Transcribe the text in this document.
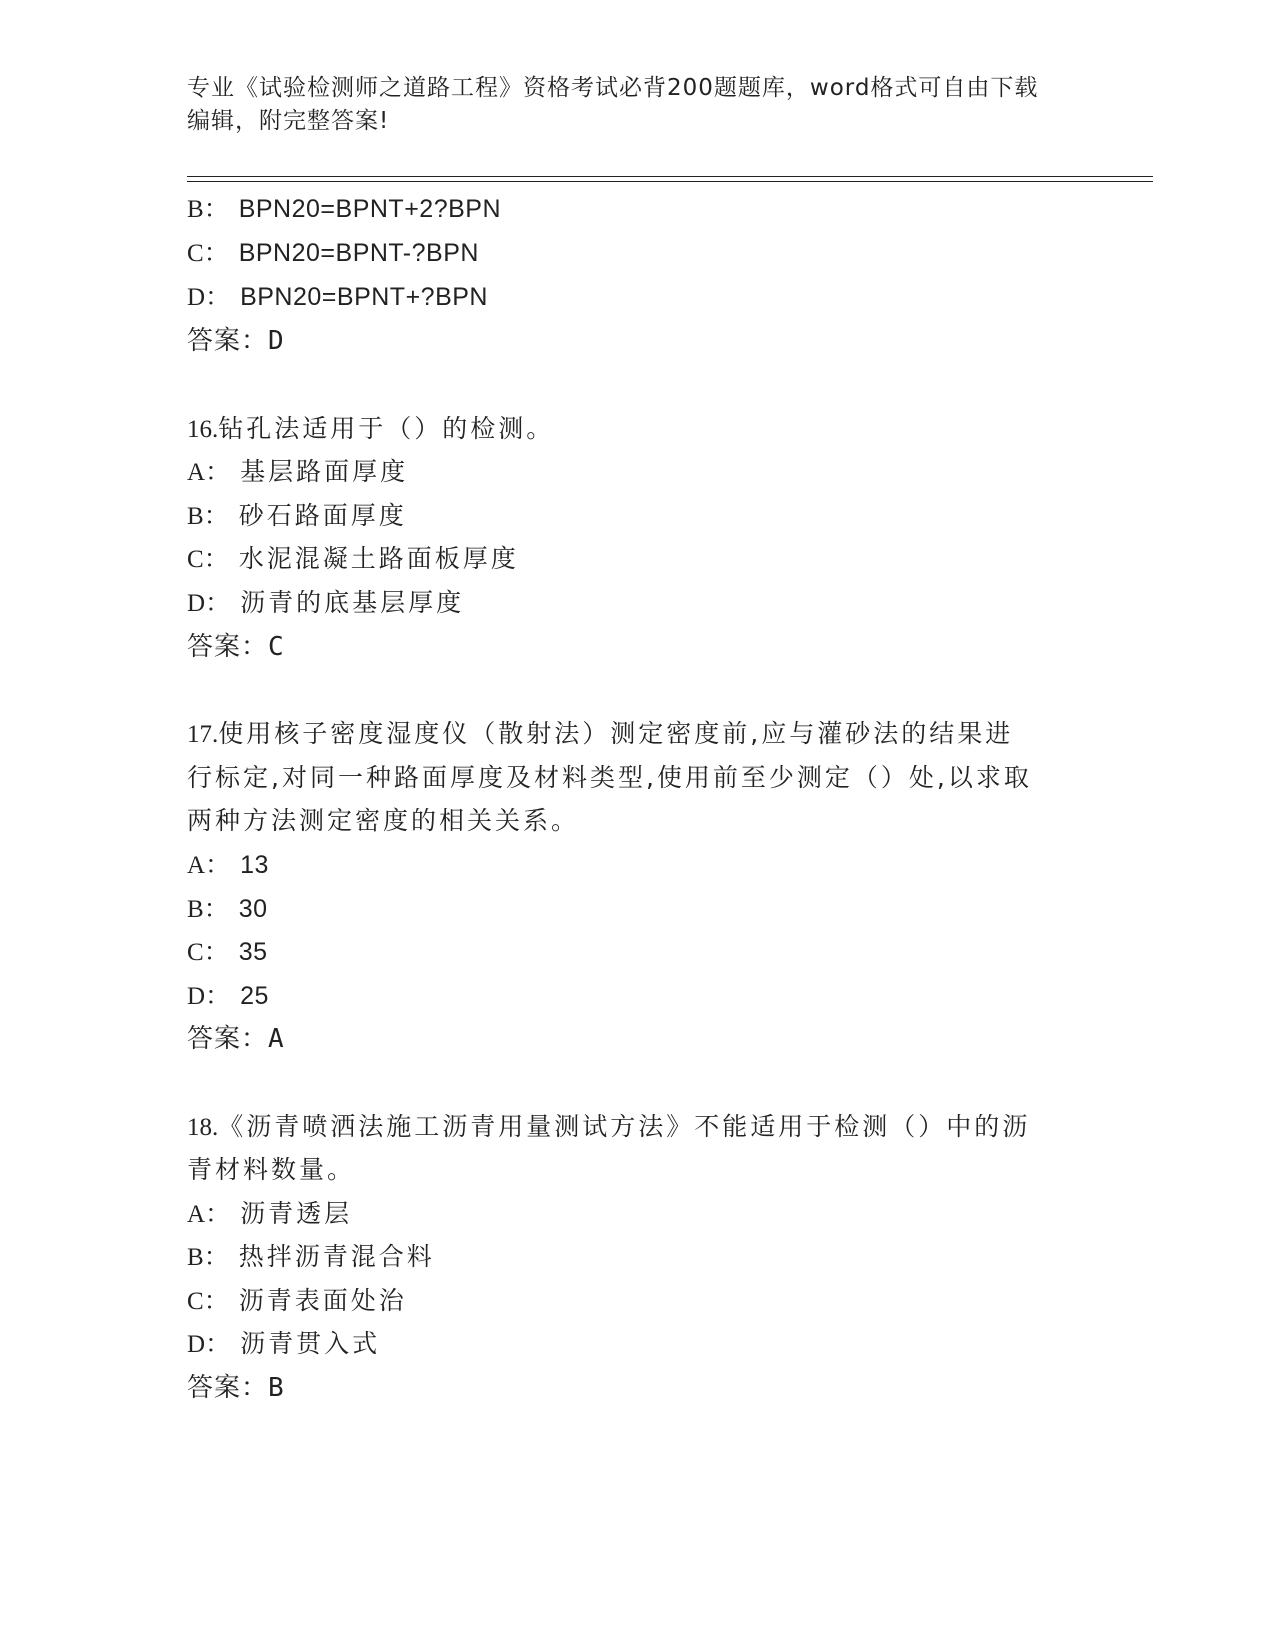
专业《试验检测师之道路工程》资格考试必背200题题库，word格式可自由下载
编辑，附完整答案!
B： BPN20=BPNT+2?BPN
C： BPN20=BPNT-?BPN
D： BPN20=BPNT+?BPN
答案：D
16.钻孔法适用于（）的检测。
A： 基层路面厚度
B： 砂石路面厚度
C： 水泥混凝土路面板厚度
D： 沥青的底基层厚度
答案：C
17.使用核子密度湿度仪（散射法）测定密度前,应与灌砂法的结果进
行标定,对同一种路面厚度及材料类型,使用前至少测定（）处,以求取
两种方法测定密度的相关关系。
A： 13
B： 30
C： 35
D： 25
答案：A
18.《沥青喷洒法施工沥青用量测试方法》不能适用于检测（）中的沥
青材料数量。
A： 沥青透层
B： 热拌沥青混合料
C： 沥青表面处治
D： 沥青贯入式
答案：B
